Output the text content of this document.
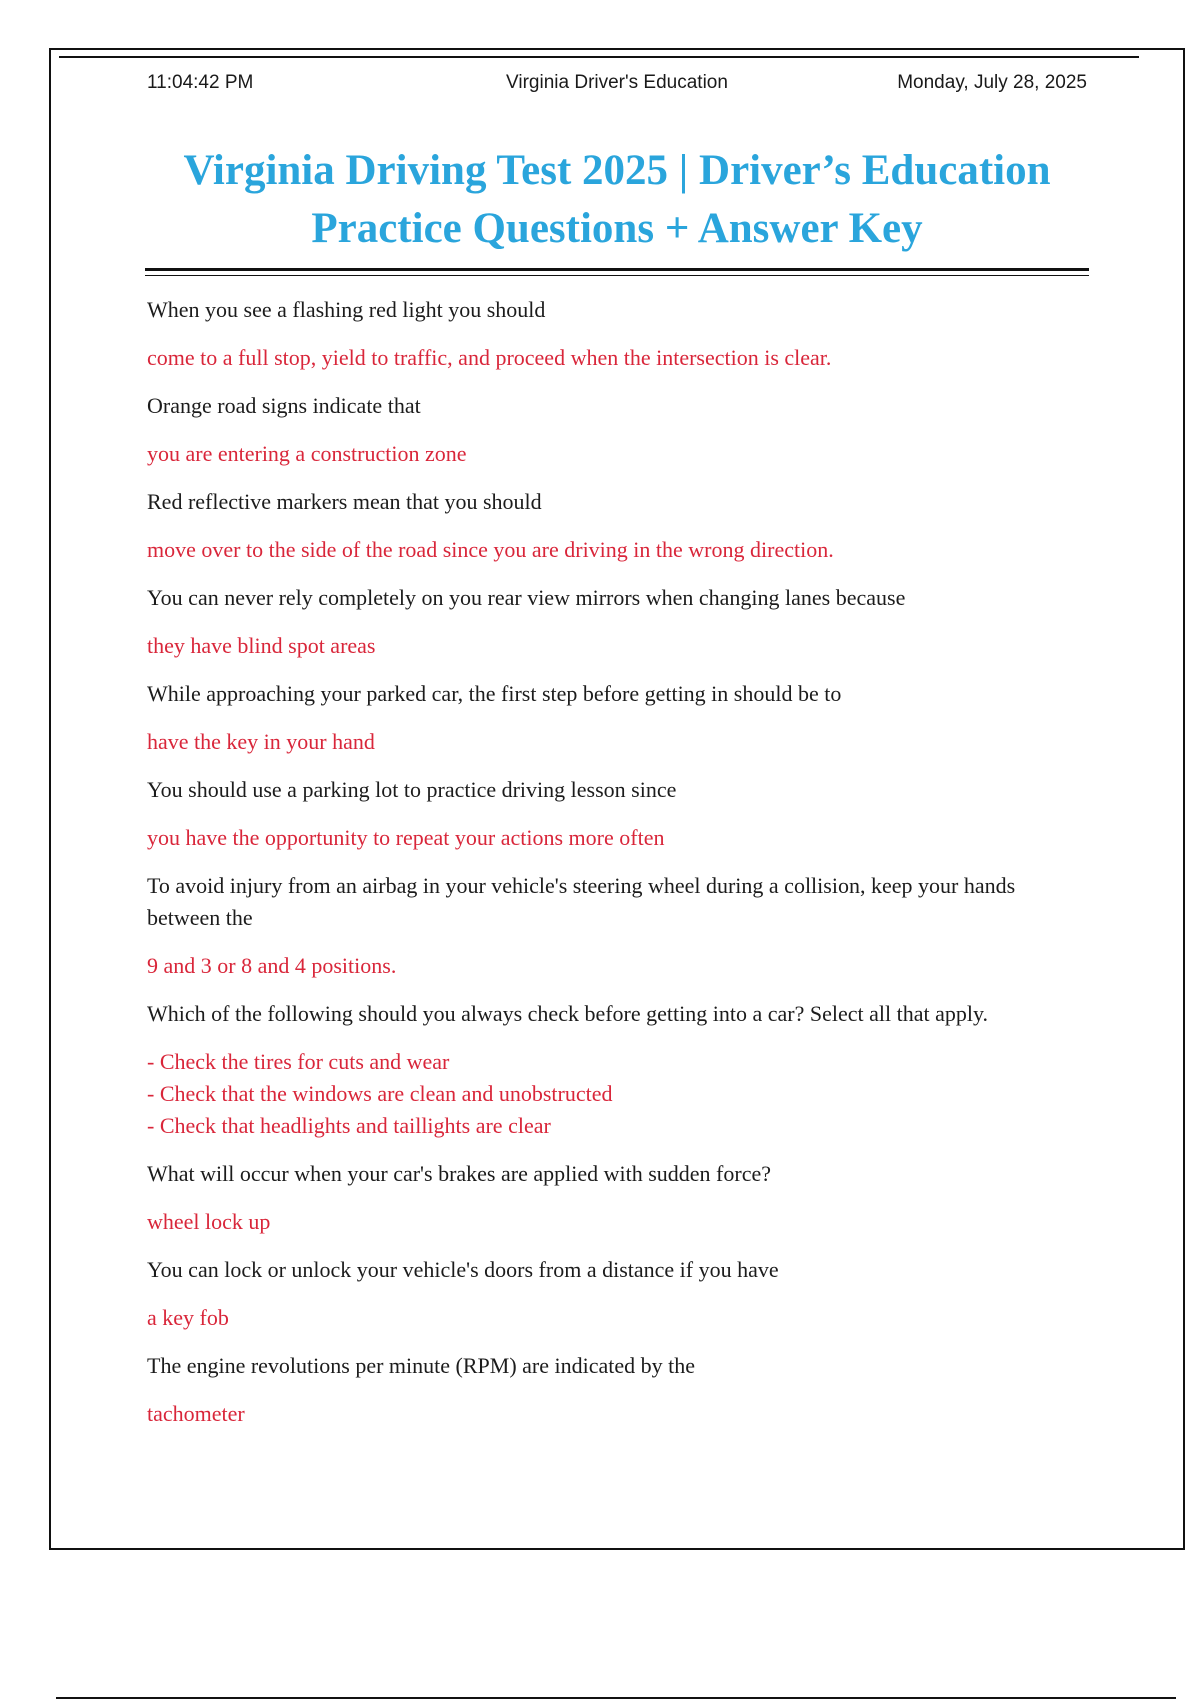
11:04:42 PM	Virginia Driver's Education	Monday, July 28, 2025
Virginia Driving Test 2025 | Driver’s Education
Practice Questions + Answer Key
When you see a flashing red light you should
come to a full stop, yield to traffic, and proceed when the intersection is clear.
Orange road signs indicate that
you are entering a construction zone
Red reflective markers mean that you should
move over to the side of the road since you are driving in the wrong direction.
You can never rely completely on you rear view mirrors when changing lanes because
they have blind spot areas
While approaching your parked car, the first step before getting in should be to
have the key in your hand
You should use a parking lot to practice driving lesson since
you have the opportunity to repeat your actions more often
To avoid injury from an airbag in your vehicle's steering wheel during a collision, keep your hands between the
9 and 3 or 8 and 4 positions.
Which of the following should you always check before getting into a car? Select all that apply.
- Check the tires for cuts and wear
- Check that the windows are clean and unobstructed
- Check that headlights and taillights are clear
What will occur when your car's brakes are applied with sudden force?
wheel lock up
You can lock or unlock your vehicle's doors from a distance if you have
a key fob
The engine revolutions per minute (RPM) are indicated by the
tachometer
